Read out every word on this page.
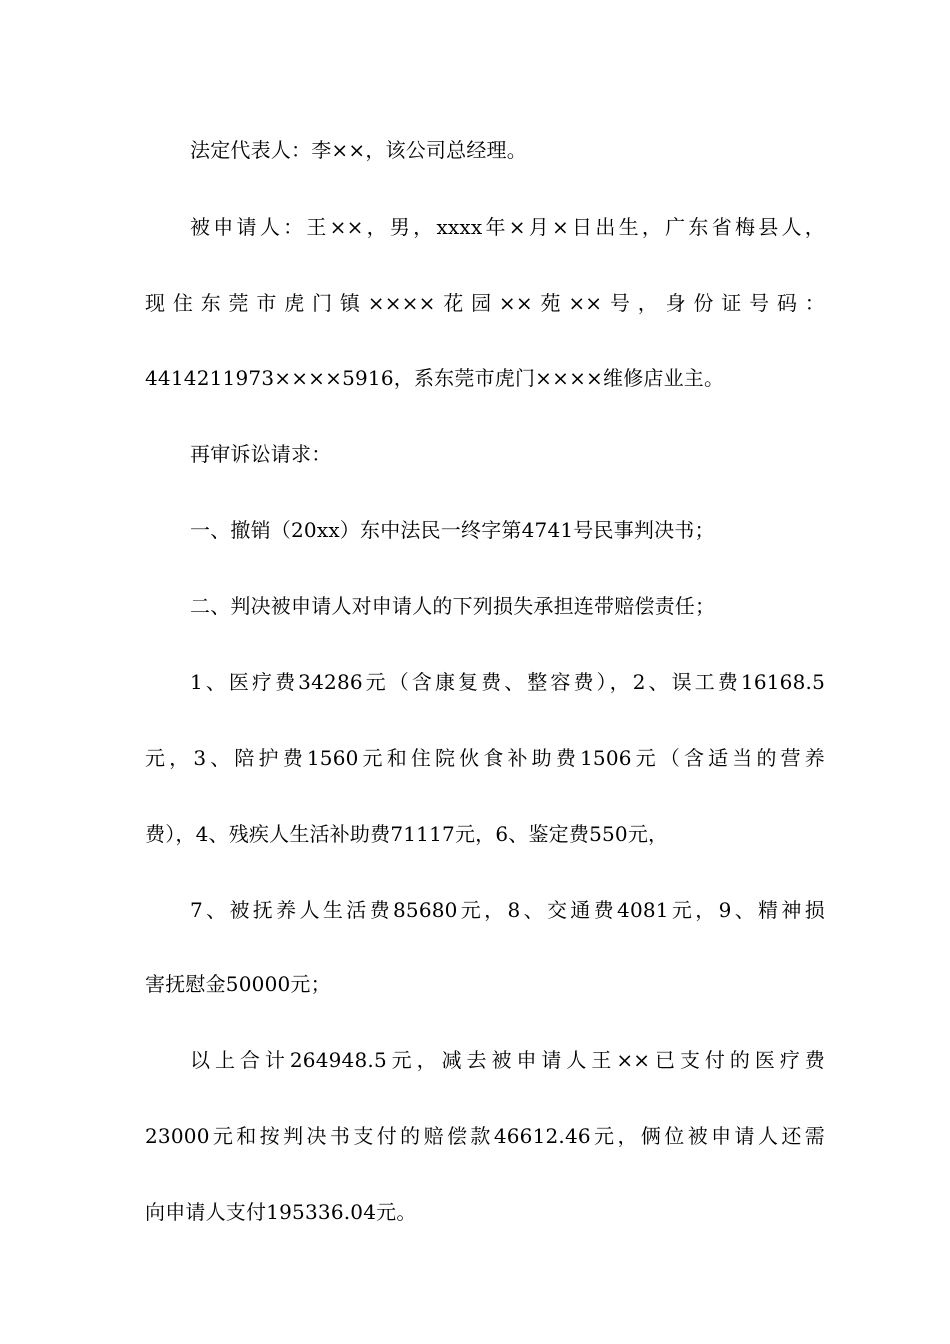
法定代表人：李××，该公司总经理。
被申请人：王××，男，xxxx年×月×日出生，广东省梅县人，
现住东莞市虎门镇××××花园××苑××号，身份证号码：
4414211973××××5916，系东莞市虎门××××维修店业主。
再审诉讼请求：
一、撤销（20xx）东中法民一终字第4741号民事判决书；
二、判决被申请人对申请人的下列损失承担连带赔偿责任；
1、医疗费34286元（含康复费、整容费），2、误工费16168.5
元，3、陪护费1560元和住院伙食补助费1506元（含适当的营养
费），4、残疾人生活补助费71117元，6、鉴定费550元，
7、被抚养人生活费85680元，8、交通费4081元，9、精神损
害抚慰金50000元；
以上合计264948.5元，减去被申请人王××已支付的医疗费
23000元和按判决书支付的赔偿款46612.46元，俩位被申请人还需
向申请人支付195336.04元。
